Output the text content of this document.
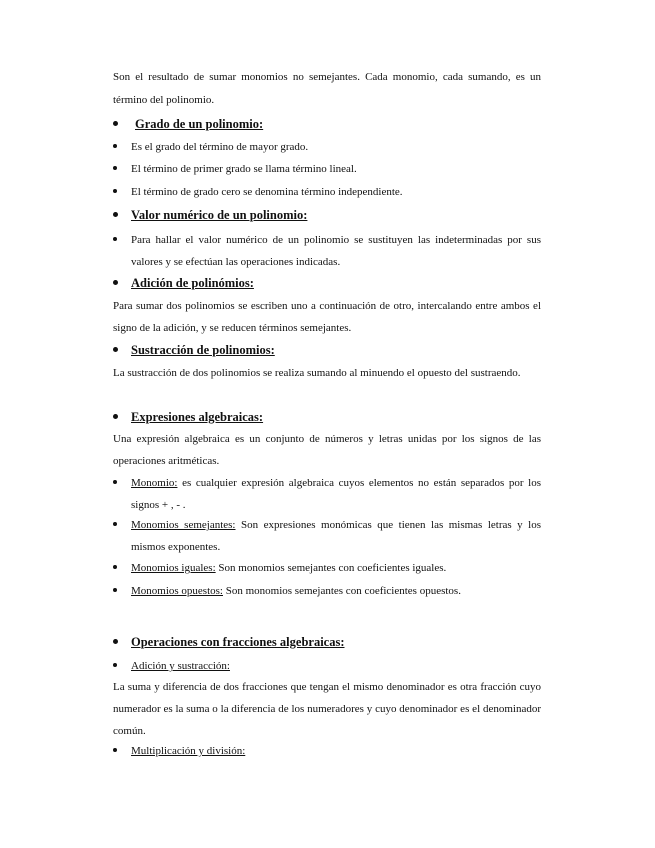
Son el resultado de sumar monomios no semejantes. Cada monomio, cada sumando, es un término del polinomio.
Grado de un polinomio:
Es el grado del término de mayor grado.
El término de primer grado se llama término lineal.
El término de grado cero se denomina término independiente.
Valor numérico de un polinomio:
Para hallar el valor numérico de un polinomio se sustituyen las indeterminadas por sus valores y se efectúan las operaciones indicadas.
Adición de polinómios:
Para sumar dos polinomios se escriben uno a continuación de otro, intercalando entre ambos el signo de la adición, y se reducen términos semejantes.
Sustracción de polinomios:
La sustracción de dos polinomios se realiza sumando al minuendo el opuesto del sustraendo.
Expresiones algebraicas:
Una expresión algebraica es un conjunto de números y letras unidas por los signos de las operaciones aritméticas.
Monomio: es cualquier expresión algebraica cuyos elementos no están separados por los signos + , - .
Monomios semejantes: Son expresiones monómicas que tienen las mismas letras y los mismos exponentes.
Monomios iguales: Son monomios semejantes con coeficientes iguales.
Monomios opuestos: Son monomios semejantes con coeficientes opuestos.
Operaciones con fracciones algebraicas:
Adición y sustracción:
La suma y diferencia de dos fracciones que tengan el mismo denominador es otra fracción cuyo numerador es la suma o la diferencia de los numeradores y cuyo denominador es el denominador común.
Multiplicación y división:
